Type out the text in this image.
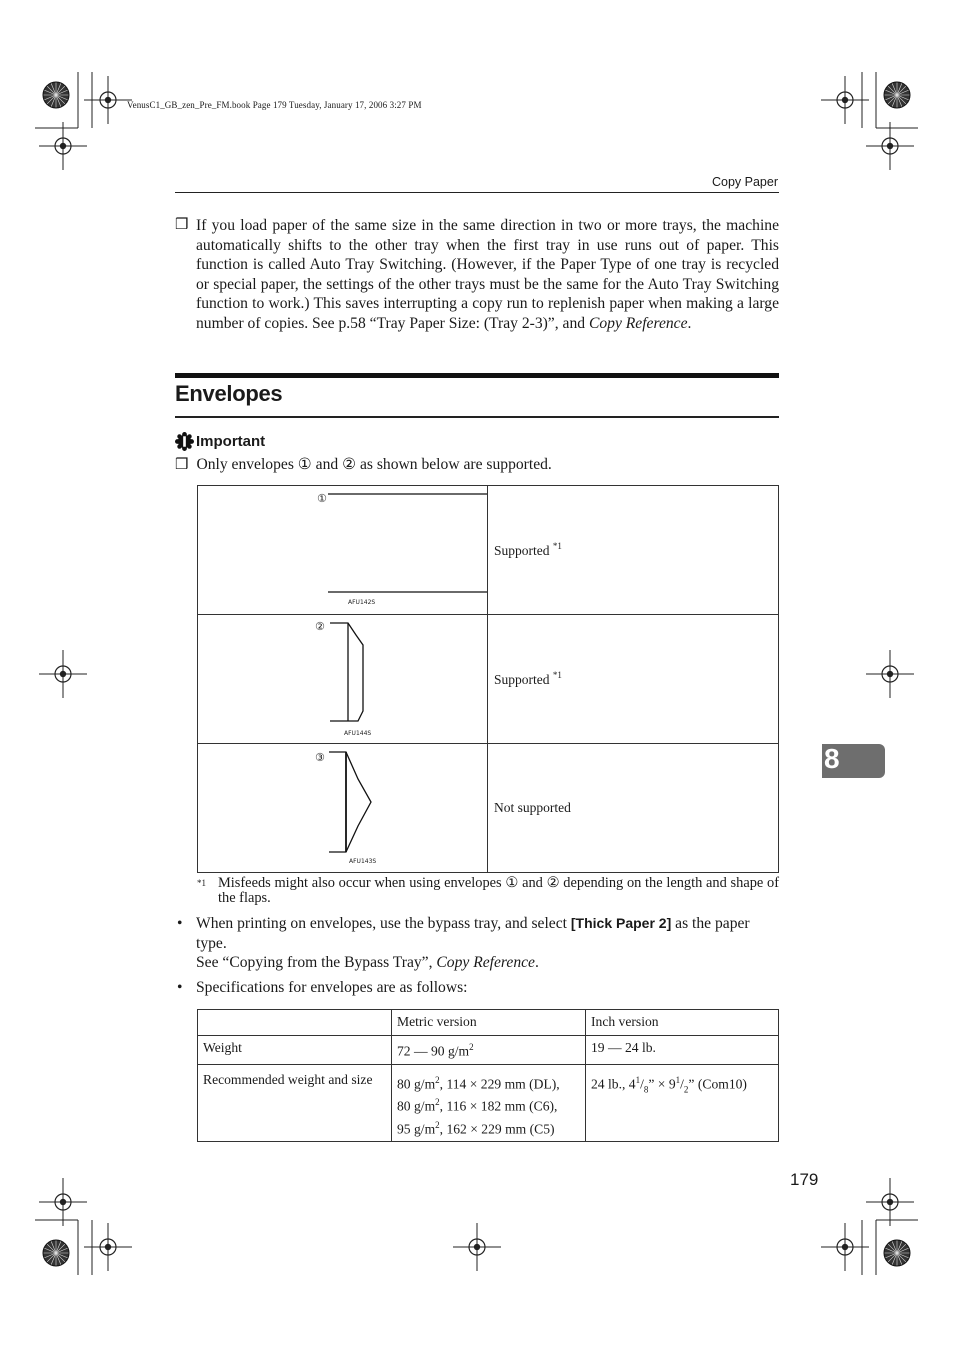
VenusC1_GB_zen_Pre_FM.book Page 179 Tuesday, January 17, 2006 3:27 PM
Copy Paper
❒ If you load paper of the same size in the same direction in two or more trays, the machine automatically shifts to the other tray when the first tray in use runs out of paper. This function is called Auto Tray Switching. (However, if the Paper Type of one tray is recycled or special paper, the settings of the other trays must be the same for the Auto Tray Switching function to work.) This saves interrupting a copy run to replenish paper when making a large number of copies. See p.58 “Tray Paper Size: (Tray 2-3)”, and Copy Reference.
Envelopes
Important
❒ Only envelopes ① and ② as shown below are supported.
①
AFU142S	Supported $^{*1}$

②
AFU144S	Supported $^{*1}$

③
AFU143S	Not supported
*1 Misfeeds might also occur when using envelopes ① and ② depending on the length and shape of the flaps.
• When printing on envelopes, use the bypass tray, and select [Thick Paper 2] as the paper type.
See “Copying from the Bypass Tray”, Copy Reference.
• Specifications for envelopes are as follows:
	Metric version	Inch version
Weight	72 — 90 $g/m^2$	19 — 24 lb.
Recommended weight and size	80 $g/m^2$, 114 × 229 mm (DL),
80 $g/m^2$, 116 × 182 mm (C6),
95 $g/m^2$, 162 × 229 mm (C5)	24 lb., $4^1/_8$” × $9^1/_2$” (Com10)
8
179
